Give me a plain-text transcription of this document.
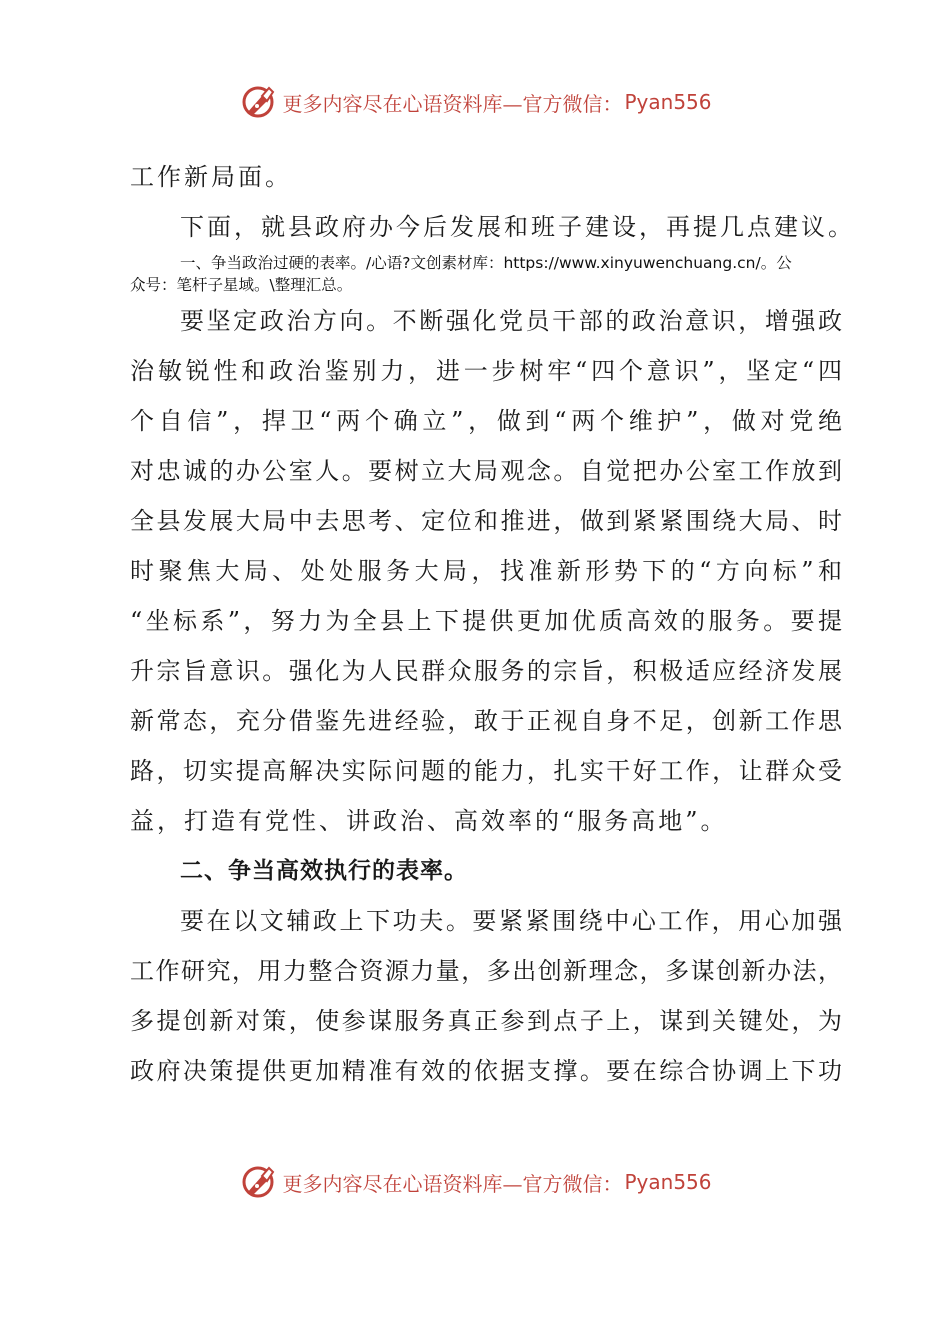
更多内容尽在心语资料库—官方微信： Pyan556
工作新局面。
下面，就县政府办今后发展和班子建设，再提几点建议。
一、争当政治过硬的表率。/心语?文创素材库：https://www.xinyuwenchuang.cn/。公
众号：笔杆子星域。\整理汇总。
要坚定政治方向。不断强化党员干部的政治意识，增强政
治敏锐性和政治鉴别力，进一步树牢“四个意识”，坚定“四
个自信”，捍卫“两个确立”，做到“两个维护”，做对党绝
对忠诚的办公室人。要树立大局观念。自觉把办公室工作放到
全县发展大局中去思考、定位和推进，做到紧紧围绕大局、时
时聚焦大局、处处服务大局，找准新形势下的“方向标”和
“坐标系”，努力为全县上下提供更加优质高效的服务。要提
升宗旨意识。强化为人民群众服务的宗旨，积极适应经济发展
新常态，充分借鉴先进经验，敢于正视自身不足，创新工作思
路，切实提高解决实际问题的能力，扎实干好工作，让群众受
益，打造有党性、讲政治、高效率的“服务高地”。
二、争当高效执行的表率。
要在以文辅政上下功夫。要紧紧围绕中心工作，用心加强
工作研究，用力整合资源力量，多出创新理念，多谋创新办法，
多提创新对策，使参谋服务真正参到点子上，谋到关键处，为
政府决策提供更加精准有效的依据支撑。要在综合协调上下功
更多内容尽在心语资料库—官方微信： Pyan556
